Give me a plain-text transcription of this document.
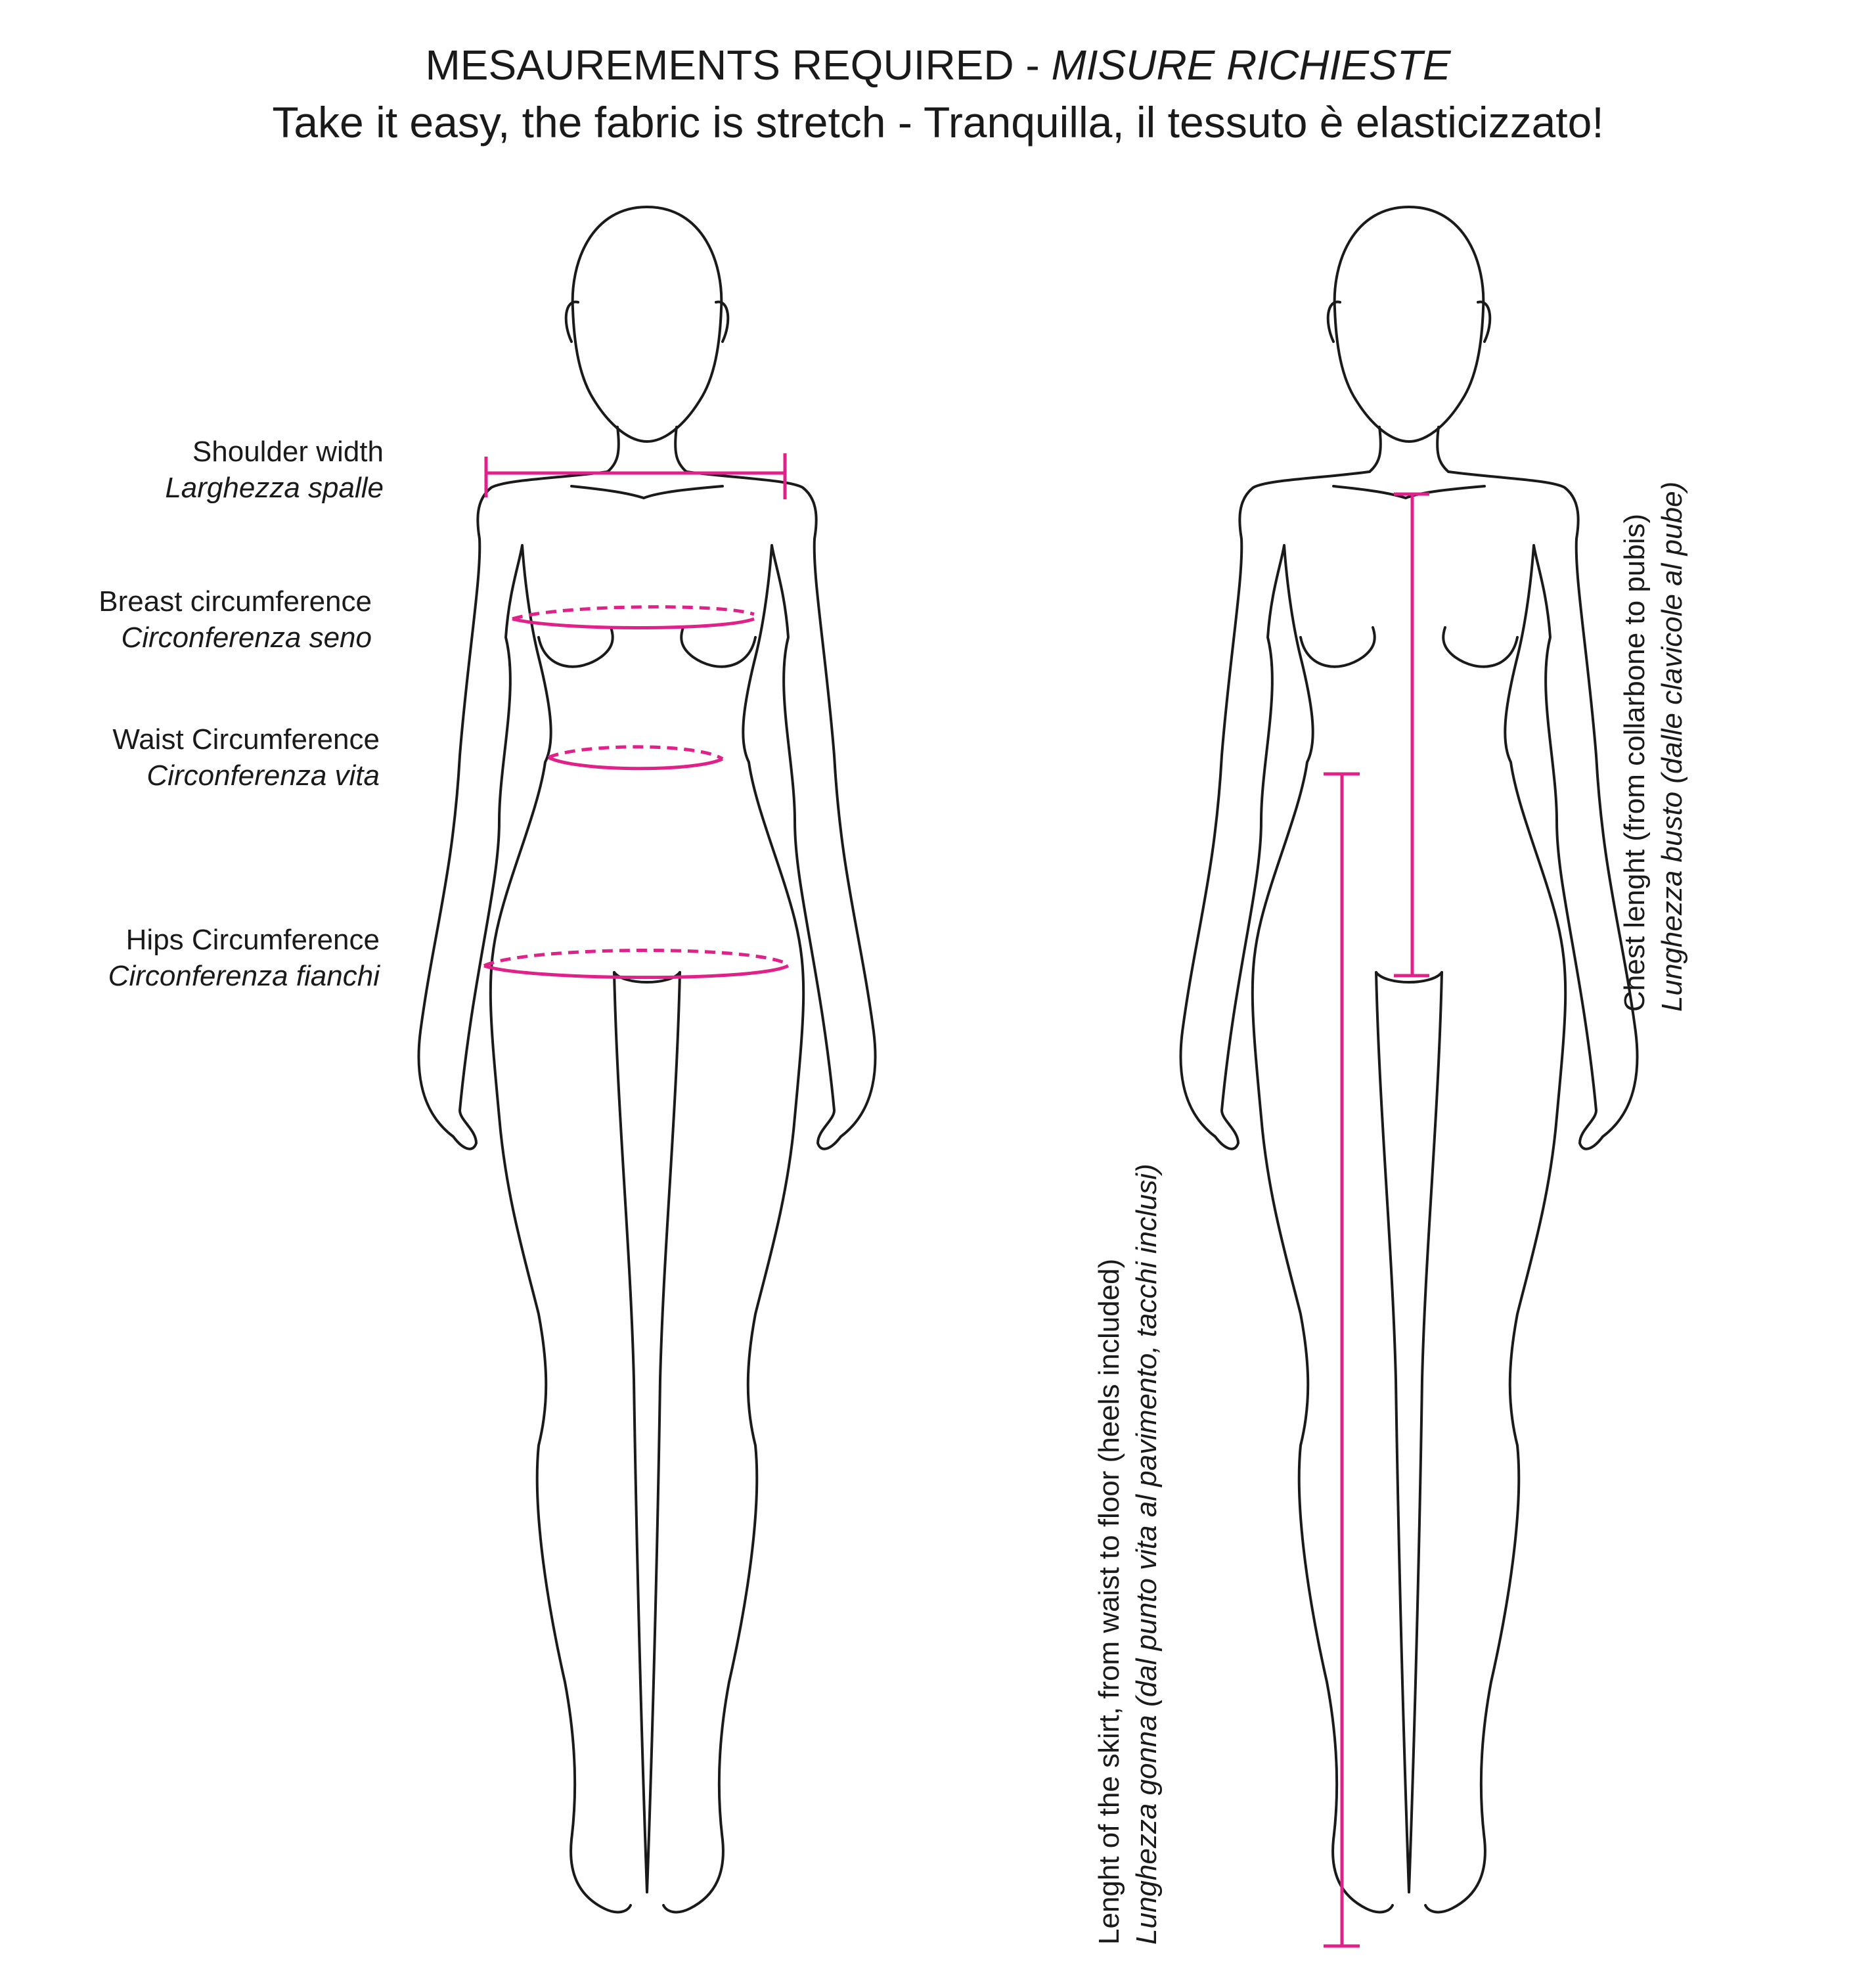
MESAUREMENTS REQUIRED - MISURE RICHIESTE
Take it easy, the fabric is stretch - Tranquilla, il tessuto è elasticizzato!
Shoulder width
Larghezza spalle
Breast circumference
Circonferenza seno
Waist Circumference
Circonferenza vita
Hips Circumference
Circonferenza fianchi	Chest lenght (from collarbone to pubis) Lunghezza busto (dalle clavicole al pube)
Lenght of the skirt, from waist to floor (heels included) Lunghezza gonna (dal punto vita al pavimento, tacchi inclusi)
